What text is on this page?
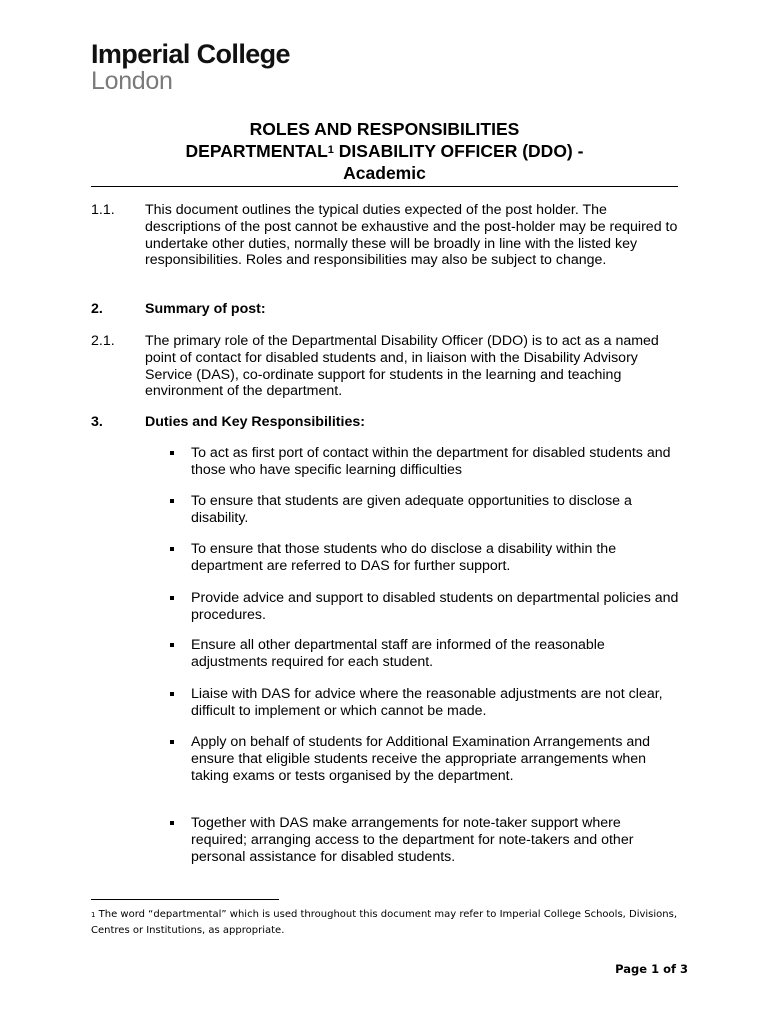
Imperial College
London
ROLES AND RESPONSIBILITIES
DEPARTMENTAL$^1$ DISABILITY OFFICER (DDO) -
Academic
1.1. This document outlines the typical duties expected of the post holder. The descriptions of the post cannot be exhaustive and the post-holder may be required to undertake other duties, normally these will be broadly in line with the listed key responsibilities. Roles and responsibilities may also be subject to change.
2.	Summary of post:
2.1. The primary role of the Departmental Disability Officer (DDO) is to act as a named point of contact for disabled students and, in liaison with the Disability Advisory Service (DAS), co-ordinate support for students in the learning and teaching environment of the department.
3.	Duties and Key Responsibilities:
To act as first port of contact within the department for disabled students and those who have specific learning difficulties
To ensure that students are given adequate opportunities to disclose a disability.
To ensure that those students who do disclose a disability within the department are referred to DAS for further support.
Provide advice and support to disabled students on departmental policies and procedures.
Ensure all other departmental staff are informed of the reasonable adjustments required for each student.
Liaise with DAS for advice where the reasonable adjustments are not clear, difficult to implement or which cannot be made.
Apply on behalf of students for Additional Examination Arrangements and ensure that eligible students receive the appropriate arrangements when taking exams or tests organised by the department.
Together with DAS make arrangements for note-taker support where required; arranging access to the department for note-takers and other personal assistance for disabled students.
$^1$ The word “departmental” which is used throughout this document may refer to Imperial College Schools, Divisions, Centres or Institutions, as appropriate.
Page 1 of 3
